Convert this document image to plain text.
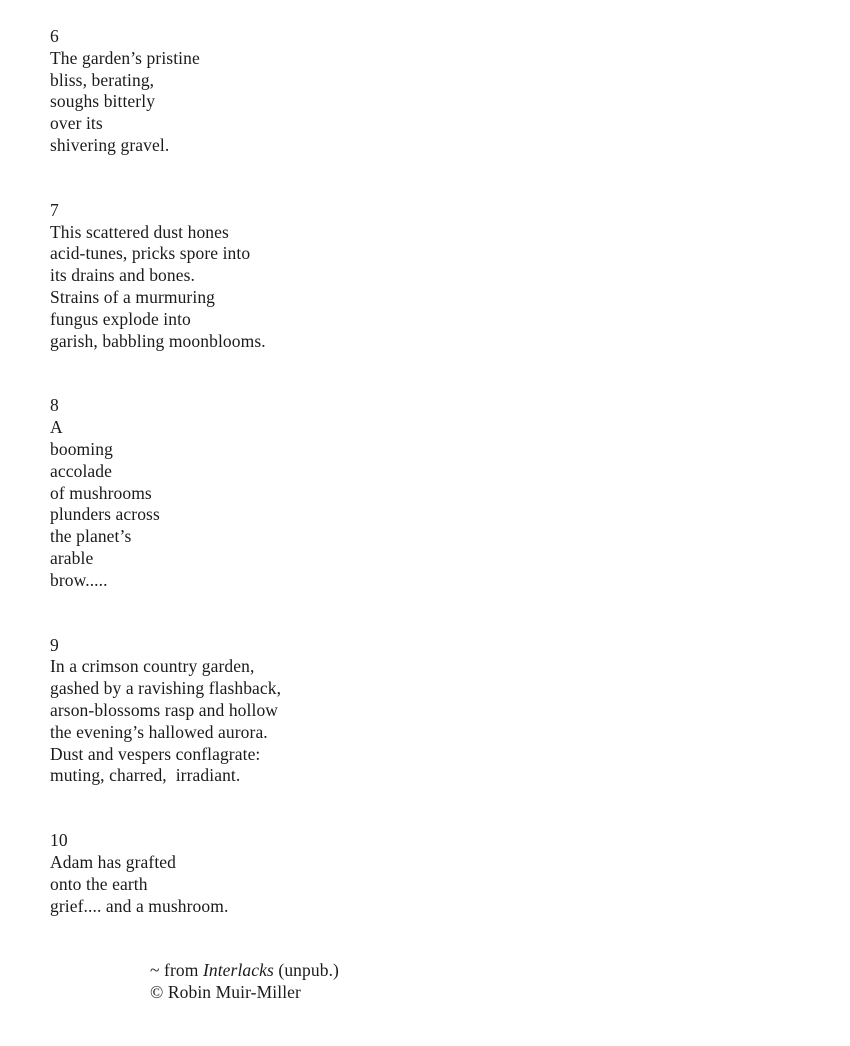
6
The garden’s pristine
bliss, berating,
soughs bitterly
over its
shivering gravel.
7
This scattered dust hones
acid-tunes, pricks spore into
its drains and bones.
Strains of a murmuring
fungus explode into
garish, babbling moonblooms.
8
A
booming
accolade
of mushrooms
plunders across
the planet’s
arable
brow.....
9
In a crimson country garden,
gashed by a ravishing flashback,
arson-blossoms rasp and hollow
the evening’s hallowed aurora.
Dust and vespers conflagrate:
muting, charred,  irradiant.
10
Adam has grafted
onto the earth
grief.... and a mushroom.
~ from Interlacks (unpub.)
© Robin Muir-Miller
